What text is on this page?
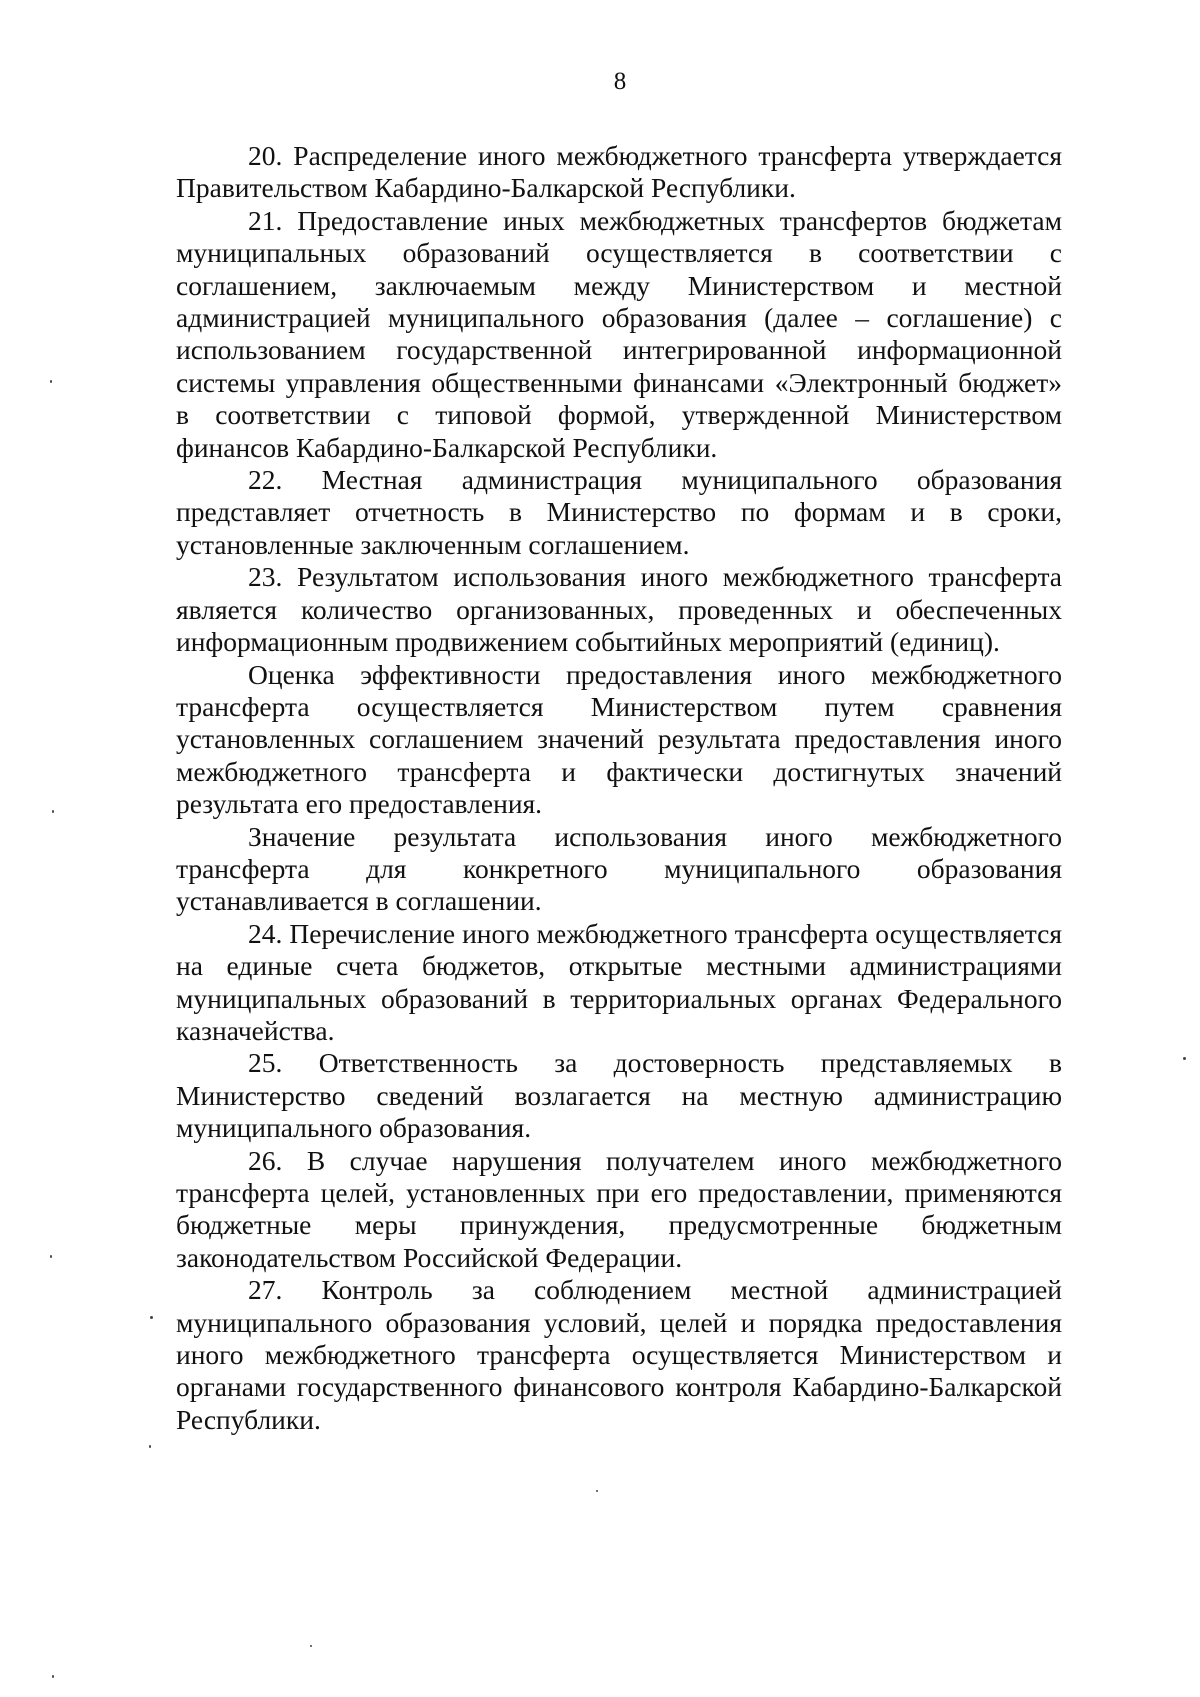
8

20. Распределение иного межбюджетного трансферта утверждается Правительством Кабардино-Балкарской Республики.

21. Предоставление иных межбюджетных трансфертов бюджетам муниципальных образований осуществляется в соответствии с соглашением, заключаемым между Министерством и местной администрацией муниципального образования (далее – соглашение) с использованием государственной интегрированной информационной системы управления общественными финансами «Электронный бюджет» в соответствии с типовой формой, утвержденной Министерством финансов Кабардино-Балкарской Республики.

22. Местная администрация муниципального образования представляет отчетность в Министерство по формам и в сроки, установленные заключенным соглашением.

23. Результатом использования иного межбюджетного трансферта является количество организованных, проведенных и обеспеченных информационным продвижением событийных мероприятий (единиц).

Оценка эффективности предоставления иного межбюджетного трансферта осуществляется Министерством путем сравнения установленных соглашением значений результата предоставления иного межбюджетного трансферта и фактически достигнутых значений результата его предоставления.

Значение результата использования иного межбюджетного трансферта для конкретного муниципального образования устанавливается в соглашении.

24. Перечисление иного межбюджетного трансферта осуществляется на единые счета бюджетов, открытые местными администрациями муниципальных образований в территориальных органах Федерального казначейства.

25. Ответственность за достоверность представляемых в Министерство сведений возлагается на местную администрацию муниципального образования.

26. В случае нарушения получателем иного межбюджетного трансферта целей, установленных при его предоставлении, применяются бюджетные меры принуждения, предусмотренные бюджетным законодательством Российской Федерации.

27. Контроль за соблюдением местной администрацией муниципального образования условий, целей и порядка предоставления иного межбюджетного трансферта осуществляется Министерством и органами государственного финансового контроля Кабардино-Балкарской Республики.
